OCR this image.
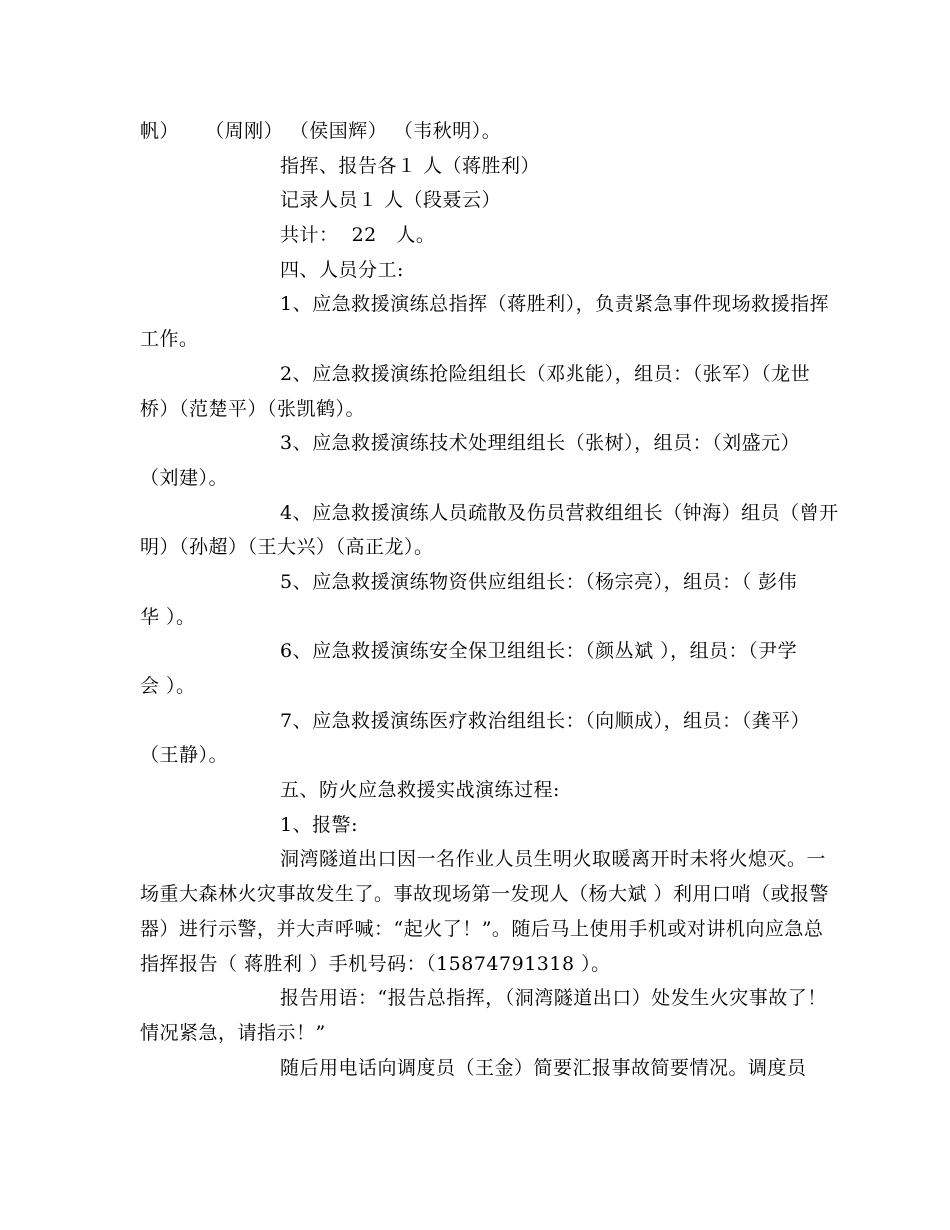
帆）    （周刚） （侯国辉） （韦秋明）。
指挥、报告各１ 人（蒋胜利）
记录人员１ 人（段聂云）
共计：  22   人。
四、人员分工:
1、应急救援演练总指挥（蒋胜利），负责紧急事件现场救援指挥
工作。
2、应急救援演练抢险组组长（邓兆能），组员：（张军）（龙世
桥）（范楚平）（张凯鹤）。
3、应急救援演练技术处理组组长（张树），组员：（刘盛元）
（刘建）。
4、应急救援演练人员疏散及伤员营救组组长（钟海）组员（曾开
明）（孙超）（王大兴）（高正龙）。
5、应急救援演练物资供应组组长：（杨宗亮），组员：（ 彭伟
华 ）。
6、应急救援演练安全保卫组组长：（颜丛斌 ），组员：（尹学
会 ）。
7、应急救援演练医疗救治组组长：（向顺成），组员：（龚平）
（王静）。
五、防火应急救援实战演练过程:
1、报警:
洞湾隧道出口因一名作业人员生明火取暖离开时未将火熄灭。一
场重大森林火灾事故发生了。事故现场第一发现人（杨大斌 ）利用口哨（或报警
器）进行示警，并大声呼喊：“起火了！”。随后马上使用手机或对讲机向应急总
指挥报告（ 蒋胜利 ）手机号码：（15874791318 ）。
报告用语：“报告总指挥，（洞湾隧道出口）处发生火灾事故了！
情况紧急，请指示！”
随后用电话向调度员（王金）简要汇报事故简要情况。调度员
